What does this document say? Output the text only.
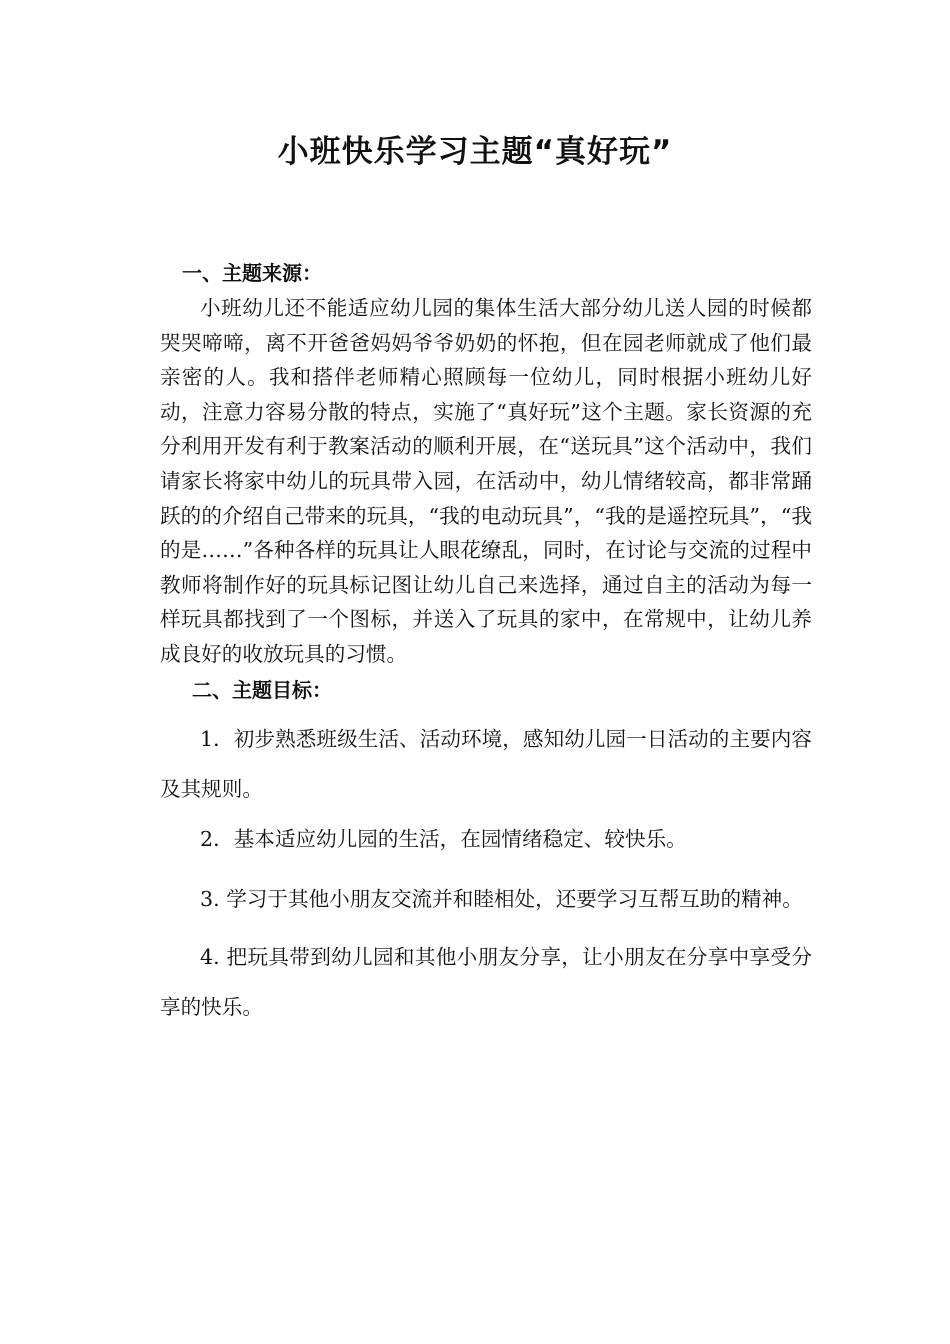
小班快乐学习主题“真好玩”
一、主题来源：

小班幼儿还不能适应幼儿园的集体生活大部分幼儿送人园的时候都哭哭啼啼，离不开爸爸妈妈爷爷奶奶的怀抱，但在园老师就成了他们最亲密的人。我和搭伴老师精心照顾每一位幼儿，同时根据小班幼儿好动，注意力容易分散的特点，实施了“真好玩”这个主题。家长资源的充分利用开发有利于教案活动的顺利开展，在“送玩具”这个活动中，我们请家长将家中幼儿的玩具带入园，在活动中，幼儿情绪较高，都非常踊跃的的介绍自己带来的玩具，“我的电动玩具”，“我的是遥控玩具”，“我的是……”各种各样的玩具让人眼花缭乱，同时，在讨论与交流的过程中教师将制作好的玩具标记图让幼儿自己来选择，通过自主的活动为每一样玩具都找到了一个图标，并送入了玩具的家中，在常规中，让幼儿养成良好的收放玩具的习惯。

二、主题目标：

1．初步熟悉班级生活、活动环境，感知幼儿园一日活动的主要内容及其规则。

2．基本适应幼儿园的生活，在园情绪稳定、较快乐。

3. 学习于其他小朋友交流并和睦相处，还要学习互帮互助的精神。

4. 把玩具带到幼儿园和其他小朋友分享，让小朋友在分享中享受分享的快乐。
